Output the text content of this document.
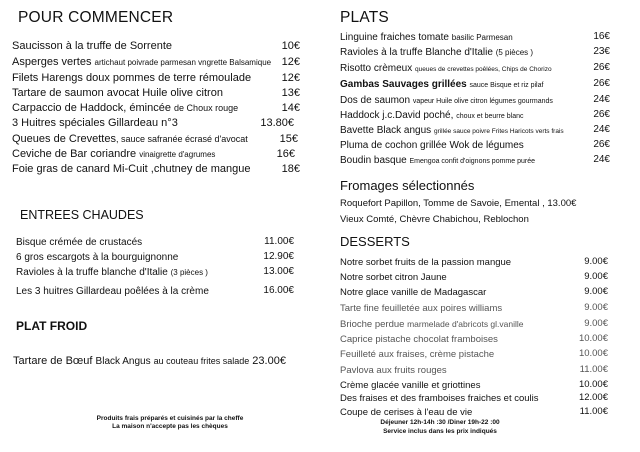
POUR COMMENCER
Saucisson à la truffe de Sorrente	10€
Asperges vertes artichaut poivrade parmesan vngrette Balsamique 12€
Filets Harengs doux pommes de terre rémoulade	12€
Tartare de saumon avocat Huile olive citron	13€
Carpaccio de Haddock, émincée de Choux rouge	14€
3 Huitres spéciales Gillardeau n°3	13.80€
Queues de Crevettes, sauce safranée écrasé d'avocat	15€
Ceviche de Bar coriandre vinaigrette d'agrumes	16€
Foie gras de canard Mi-Cuit ,chutney de mangue	18€
ENTREES CHAUDES
Bisque crémée de crustacés	11.00€
6 gros escargots à la bourguignonne	12.90€
Ravioles à la truffe blanche d'Italie (3 pièces )	13.00€
Les 3 huitres Gillardeau poêlées à la crème	16.00€
PLAT FROID
Tartare de Bœuf Black Angus au couteau frites salade 23.00€
Produits frais préparés et cuisinés par la cheffe
La maison n'accepte pas les chèques
PLATS
Linguine fraiches tomate basilic Parmesan	16€
Ravioles à la truffe Blanche d'Italie (5 pièces )	23€
Risotto crèmeux queues de crevettes poêlées, Chips de Chorizo	26€
Gambas Sauvages grillées sauce Bisque et riz pilaf	26€
Dos de saumon vapeur Huile olive citron légumes gourmands	24€
Haddock j.c.David poché, choux et beurre blanc	26€
Bavette Black angus grillée sauce poivre Frites Haricots verts frais	24€
Pluma de cochon grillée Wok de légumes	26€
Boudin basque Emengoa confit d'oignons pomme purée	24€
Fromages sélectionnés
Roquefort Papillon, Tomme de Savoie, Emental , 13.00€
Vieux Comté, Chèvre Chabichou, Reblochon
DESSERTS
Notre sorbet fruits de la passion mangue	9.00€
Notre sorbet citron Jaune	9.00€
Notre glace vanille de Madagascar	9.00€
Tarte fine feuilletée aux poires williams	9.00€
Brioche perdue marmelade d'abricots gl.vanille	9.00€
Caprice pistache chocolat framboises	10.00€
Feuilleté aux fraises, crème pistache	10.00€
Pavlova aux fruits rouges	11.00€
Crème glacée vanille et griottines	10.00€
Des fraises et des framboises fraiches et coulis	12.00€
Coupe de cerises à l'eau de vie	11.00€
Déjeuner 12h-14h :30 /Diner 19h-22 :00
Service inclus dans les prix indiqués
